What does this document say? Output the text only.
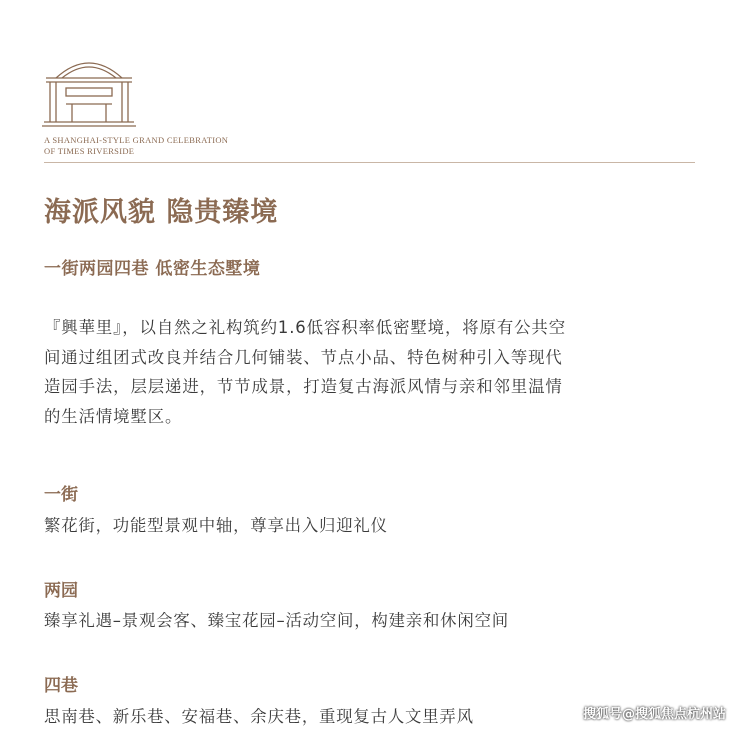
A SHANGHAI-STYLE GRAND CELEBRATION
OF TIMES RIVERSIDE
海派风貌 隐贵臻境
一街两园四巷 低密生态墅境
『興華里』，以自然之礼构筑约1.6低容积率低密墅境，将原有公共空
间通过组团式改良并结合几何铺装、节点小品、特色树种引入等现代
造园手法，层层递进，节节成景，打造复古海派风情与亲和邻里温情
的生活情境墅区。
一街
繁花街，功能型景观中轴，尊享出入归迎礼仪
两园
臻享礼遇–景观会客、臻宝花园–活动空间，构建亲和休闲空间
四巷
思南巷、新乐巷、安福巷、余庆巷，重现复古人文里弄风	搜狐号@搜狐焦点杭州站
